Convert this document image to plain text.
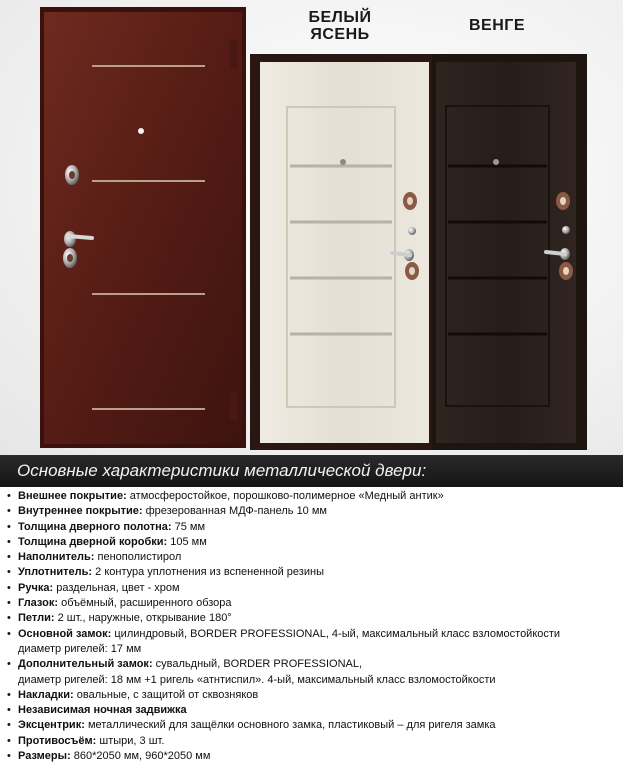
БЕЛЫЙ
ЯСЕНЬ
ВЕНГЕ
Основные характеристики металлической двери:
• Внешнее покрытие: атмосферостойкое, порошково-полимерное «Медный антик»
• Внутреннее покрытие: фрезерованная МДФ-панель 10 мм
• Толщина дверного полотна: 75 мм
• Толщина дверной коробки: 105 мм
• Наполнитель: пенополистирол
• Уплотнитель: 2 контура уплотнения из вспененной резины
• Ручка: раздельная, цвет - хром
• Глазок: объёмный, расширенного обзора
• Петли: 2 шт., наружные, открывание 180°
• Основной замок: цилиндровый, BORDER PROFESSIONAL, 4-ый, максимальный класс взломостойкости
диаметр ригелей: 17 мм
• Дополнительный замок: сувальдный, BORDER PROFESSIONAL,
диаметр ригелей: 18 мм +1 ригель «атнтиспил». 4-ый, максимальный класс взломостойкости
• Накладки: овальные, с защитой от сквозняков
• Независимая ночная задвижка
• Эксцентрик: металлический для защёлки основного замка, пластиковый – для ригеля замка
• Противосъём: штыри, 3 шт.
• Размеры: 860*2050 мм, 960*2050 мм
